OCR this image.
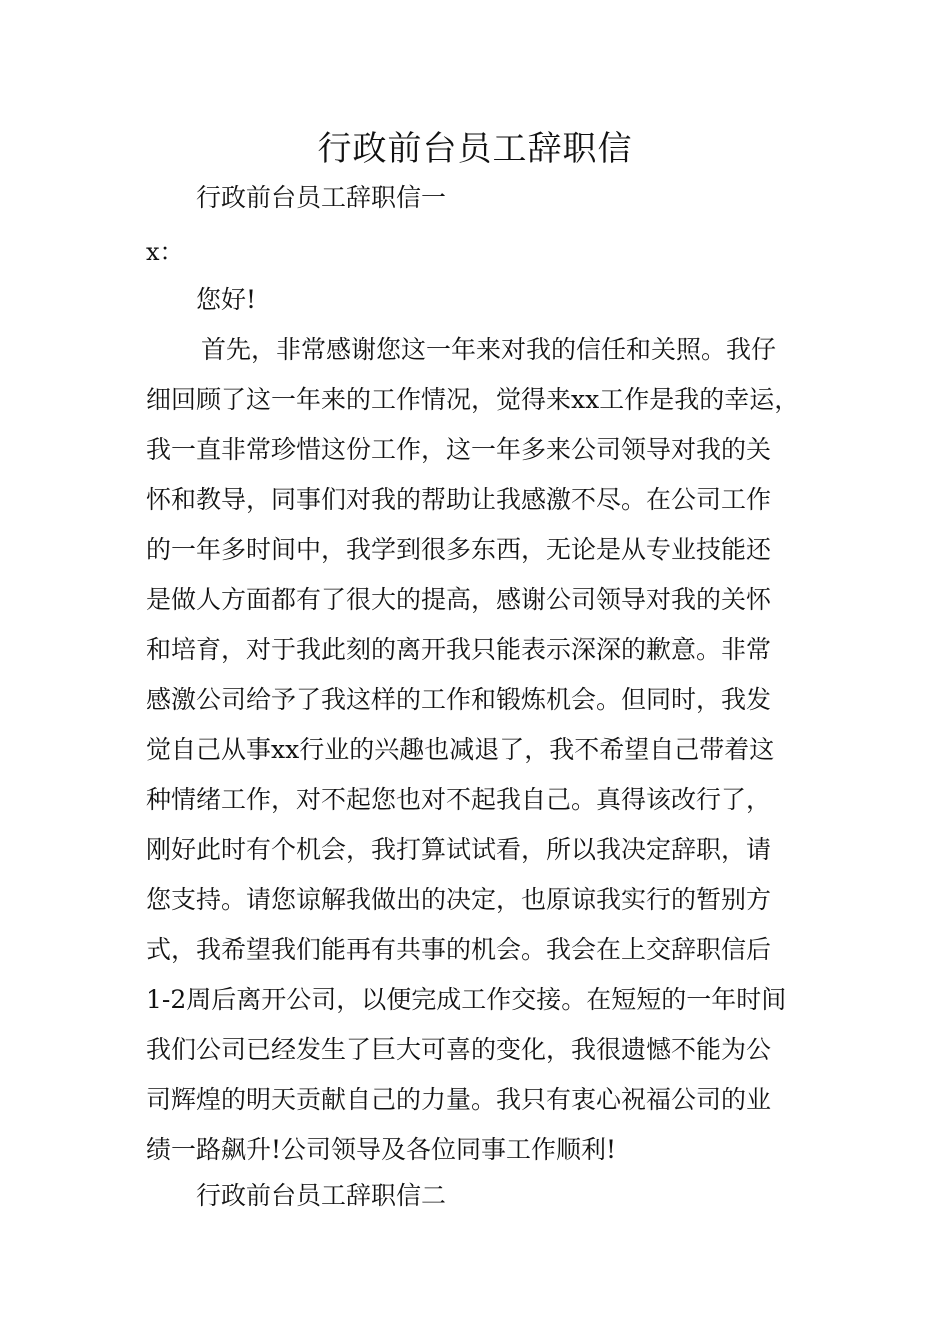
行政前台员工辞职信

行政前台员工辞职信一

x：

您好!

首先，非常感谢您这一年来对我的信任和关照。我仔
细回顾了这一年来的工作情况，觉得来xx工作是我的幸运，
我一直非常珍惜这份工作，这一年多来公司领导对我的关
怀和教导，同事们对我的帮助让我感激不尽。在公司工作
的一年多时间中，我学到很多东西，无论是从专业技能还
是做人方面都有了很大的提高，感谢公司领导对我的关怀
和培育，对于我此刻的离开我只能表示深深的歉意。非常
感激公司给予了我这样的工作和锻炼机会。但同时，我发
觉自己从事xx行业的兴趣也减退了，我不希望自己带着这
种情绪工作，对不起您也对不起我自己。真得该改行了，
刚好此时有个机会，我打算试试看，所以我决定辞职，请
您支持。请您谅解我做出的决定，也原谅我实行的暂别方
式，我希望我们能再有共事的机会。我会在上交辞职信后
1-2周后离开公司，以便完成工作交接。在短短的一年时间
我们公司已经发生了巨大可喜的变化，我很遗憾不能为公
司辉煌的明天贡献自己的力量。我只有衷心祝福公司的业
绩一路飙升!公司领导及各位同事工作顺利!

行政前台员工辞职信二
